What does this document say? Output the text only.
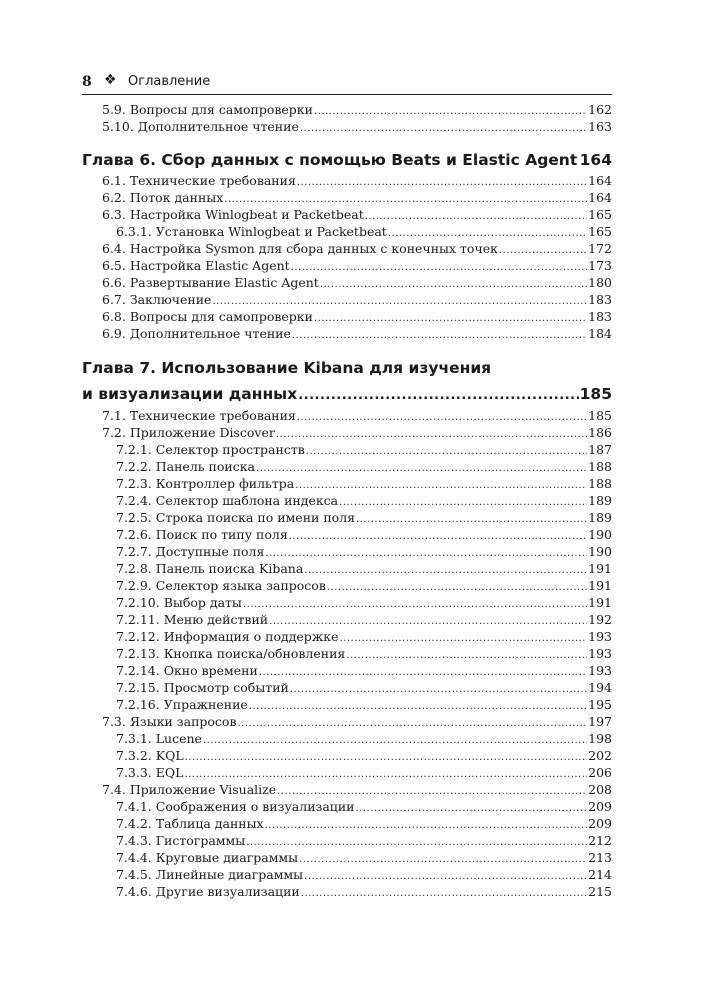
8 ❖ Оглавление
5.9. Вопросы для самопроверки .....	162
5.10. Дополнительное чтение .....	163
Глава 6. Сбор данных с помощью Beats и Elastic Agent ..... 164
6.1. Технические требования .....	164
6.2. Поток данных .....	164
6.3. Настройка Winlogbeat и Packetbeat .....	165
6.3.1. Установка Winlogbeat и Packetbeat .....	165
6.4. Настройка Sysmon для сбора данных с конечных точек .....	172
6.5. Настройка Elastic Agent .....	173
6.6. Развертывание Elastic Agent .....	180
6.7. Заключение .....	183
6.8. Вопросы для самопроверки .....	183
6.9. Дополнительное чтение .....	184
Глава 7. Использование Kibana для изучения
и визуализации данных .....	185
7.1. Технические требования .....	185
7.2. Приложение Discover .....	186
7.2.1. Селектор пространств .....	187
7.2.2. Панель поиска .....	188
7.2.3. Контроллер фильтра .....	188
7.2.4. Селектор шаблона индекса .....	189
7.2.5. Строка поиска по имени поля .....	189
7.2.6. Поиск по типу поля .....	190
7.2.7. Доступные поля .....	190
7.2.8. Панель поиска Kibana .....	191
7.2.9. Селектор языка запросов .....	191
7.2.10. Выбор даты .....	191
7.2.11. Меню действий .....	192
7.2.12. Информация о поддержке .....	193
7.2.13. Кнопка поиска/обновления .....	193
7.2.14. Окно времени .....	193
7.2.15. Просмотр событий .....	194
7.2.16. Упражнение .....	195
7.3. Языки запросов .....	197
7.3.1. Lucene .....	198
7.3.2. KQL .....	202
7.3.3. EQL .....	206
7.4. Приложение Visualize .....	208
7.4.1. Соображения о визуализации .....	209
7.4.2. Таблица данных .....	209
7.4.3. Гистограммы .....	212
7.4.4. Круговые диаграммы .....	213
7.4.5. Линейные диаграммы .....	214
7.4.6. Другие визуализации .....	215
